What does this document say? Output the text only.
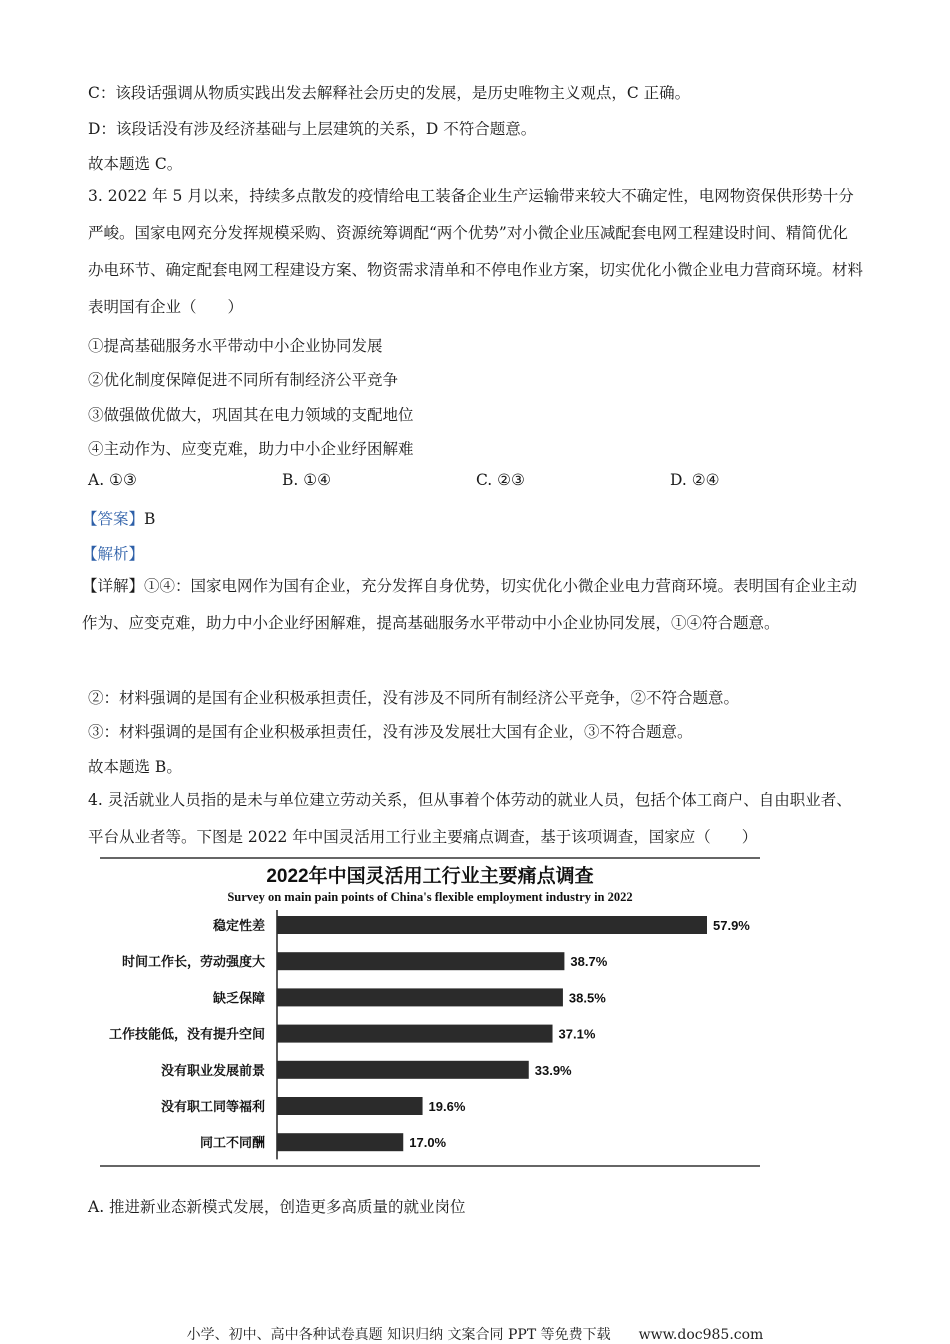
C：该段话强调从物质实践出发去解释社会历史的发展，是历史唯物主义观点，C 正确。
D：该段话没有涉及经济基础与上层建筑的关系，D 不符合题意。
故本题选 C。
3. 2022 年 5 月以来，持续多点散发的疫情给电工装备企业生产运输带来较大不确定性，电网物资保供形势十分严峻。国家电网充分发挥规模采购、资源统筹调配“两个优势”对小微企业压减配套电网工程建设时间、精简优化办电环节、确定配套电网工程建设方案、物资需求清单和不停电作业方案，切实优化小微企业电力营商环境。材料表明国有企业（　　）
①提高基础服务水平带动中小企业协同发展
②优化制度保障促进不同所有制经济公平竞争
③做强做优做大，巩固其在电力领域的支配地位
④主动作为、应变克难，助力中小企业纾困解难
A. ①③	B. ①④	C. ②③	D. ②④
【答案】B
【解析】
【详解】①④：国家电网作为国有企业，充分发挥自身优势，切实优化小微企业电力营商环境。表明国有企业主动作为、应变克难，助力中小企业纾困解难，提高基础服务水平带动中小企业协同发展，①④符合题意。
②：材料强调的是国有企业积极承担责任，没有涉及不同所有制经济公平竞争，②不符合题意。
③：材料强调的是国有企业积极承担责任，没有涉及发展壮大国有企业，③不符合题意。
故本题选 B。
4. 灵活就业人员指的是未与单位建立劳动关系，但从事着个体劳动的就业人员，包括个体工商户、自由职业者、平台从业者等。下图是 2022 年中国灵活用工行业主要痛点调查，基于该项调查，国家应（　　）
2022年中国灵活用工行业主要痛点调查
Survey on main pain points of China's flexible employment industry in 2022
稳定性差	57.9%
时间工作长，劳动强度大	38.7%
缺乏保障	38.5%
工作技能低，没有提升空间	37.1%
没有职业发展前景	33.9%
没有职工同等福利	19.6%
同工不同酬	17.0%
A. 推进新业态新模式发展，创造更多高质量的就业岗位
小学、初中、高中各种试卷真题 知识归纳 文案合同 PPT 等免费下载　　www.doc985.com
